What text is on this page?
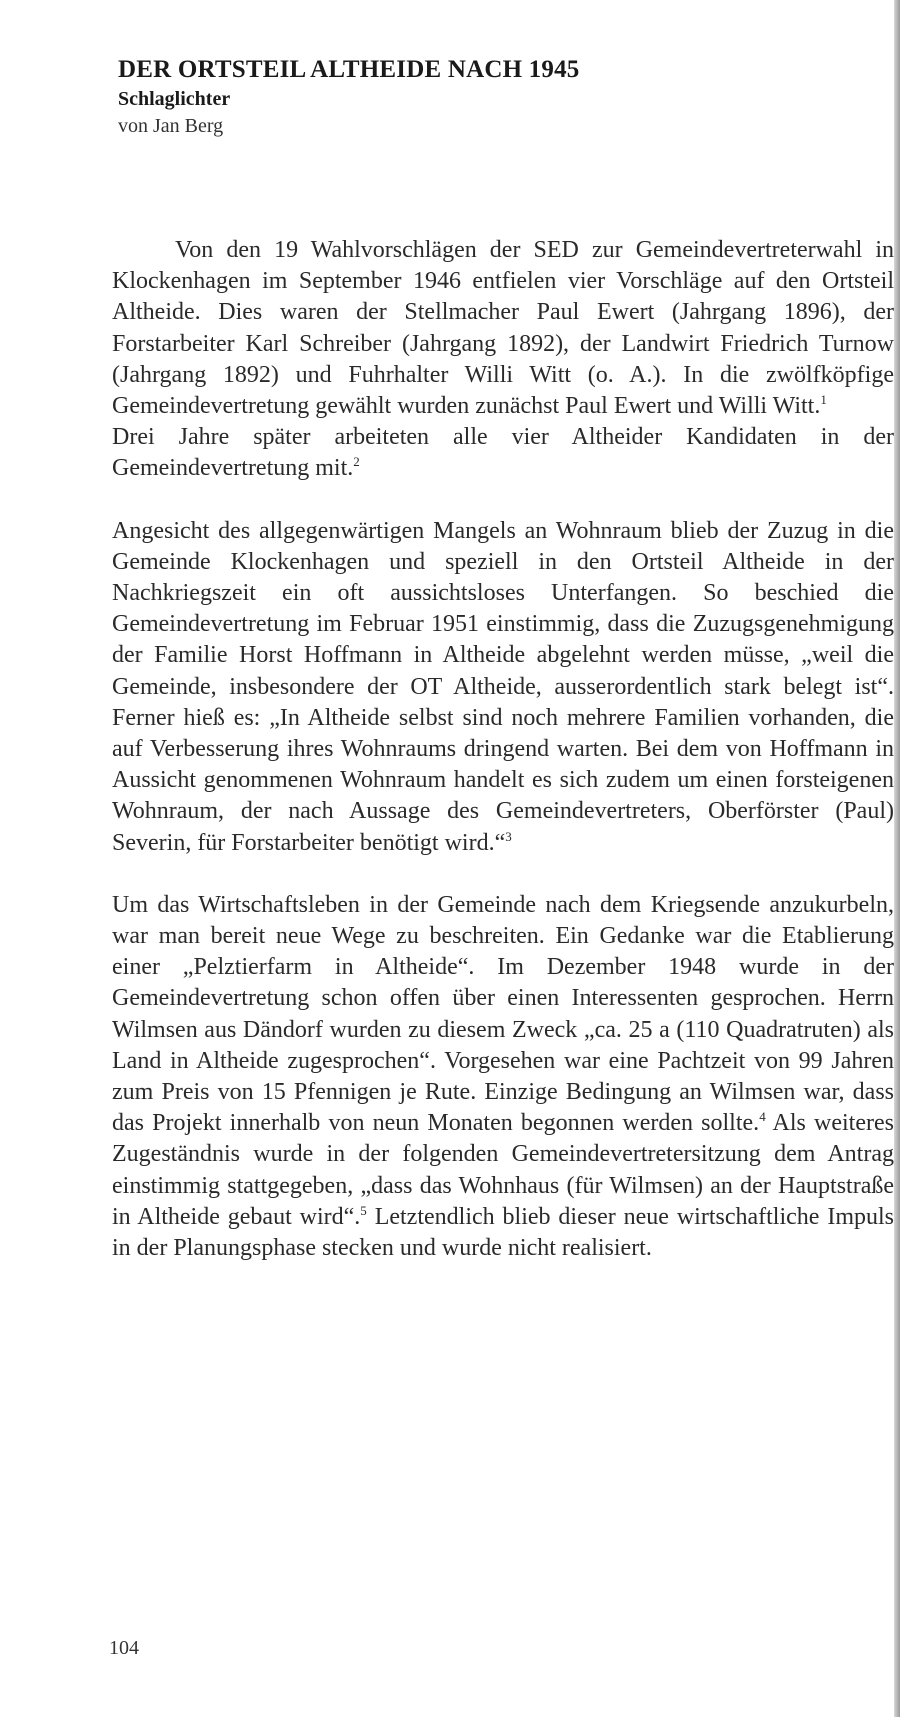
DER ORTSTEIL ALTHEIDE NACH 1945
Schlaglichter
von Jan Berg

Von den 19 Wahlvorschlägen der SED zur Gemeindevertreterwahl in Klockenhagen im September 1946 entfielen vier Vorschläge auf den Ortsteil Altheide. Dies waren der Stellmacher Paul Ewert (Jahrgang 1896), der Forstarbeiter Karl Schreiber (Jahrgang 1892), der Landwirt Friedrich Turnow (Jahrgang 1892) und Fuhrhalter Willi Witt (o. A.). In die zwölfköpfige Gemeindevertretung gewählt wurden zunächst Paul Ewert und Willi Witt.$^1$

Drei Jahre später arbeiteten alle vier Altheider Kandidaten in der Gemeindevertretung mit.$^2$

Angesicht des allgegenwärtigen Mangels an Wohnraum blieb der Zuzug in die Gemeinde Klockenhagen und speziell in den Ortsteil Altheide in der Nachkriegszeit ein oft aussichtsloses Unterfangen. So beschied die Gemeindevertretung im Februar 1951 einstimmig, dass die Zuzugsgenehmigung der Familie Horst Hoffmann in Altheide abgelehnt werden müsse, „weil die Gemeinde, insbesondere der OT Altheide, ausserordentlich stark belegt ist“. Ferner hieß es: „In Altheide selbst sind noch mehrere Familien vorhanden, die auf Verbesserung ihres Wohnraums dringend warten. Bei dem von Hoffmann in Aussicht genommenen Wohnraum handelt es sich zudem um einen forsteigenen Wohnraum, der nach Aussage des Gemeindevertreters, Oberförster (Paul) Severin, für Forstarbeiter benötigt wird.“$^3$

Um das Wirtschaftsleben in der Gemeinde nach dem Kriegsende anzukurbeln, war man bereit neue Wege zu beschreiten. Ein Gedanke war die Etablierung einer „Pelztierfarm in Altheide“. Im Dezember 1948 wurde in der Gemeindevertretung schon offen über einen Interessenten gesprochen. Herrn Wilmsen aus Dändorf wurden zu diesem Zweck „ca. 25 a (110 Quadratruten) als Land in Altheide zugesprochen“. Vorgesehen war eine Pachtzeit von 99 Jahren zum Preis von 15 Pfennigen je Rute. Einzige Bedingung an Wilmsen war, dass das Projekt innerhalb von neun Monaten begonnen werden sollte.$^4$ Als weiteres Zugeständnis wurde in der folgenden Gemeindevertretersitzung dem Antrag einstimmig stattgegeben, „dass das Wohnhaus (für Wilmsen) an der Hauptstraße in Altheide gebaut wird“.$^5$ Letztendlich blieb dieser neue wirtschaftliche Impuls in der Planungsphase stecken und wurde nicht realisiert.

104
